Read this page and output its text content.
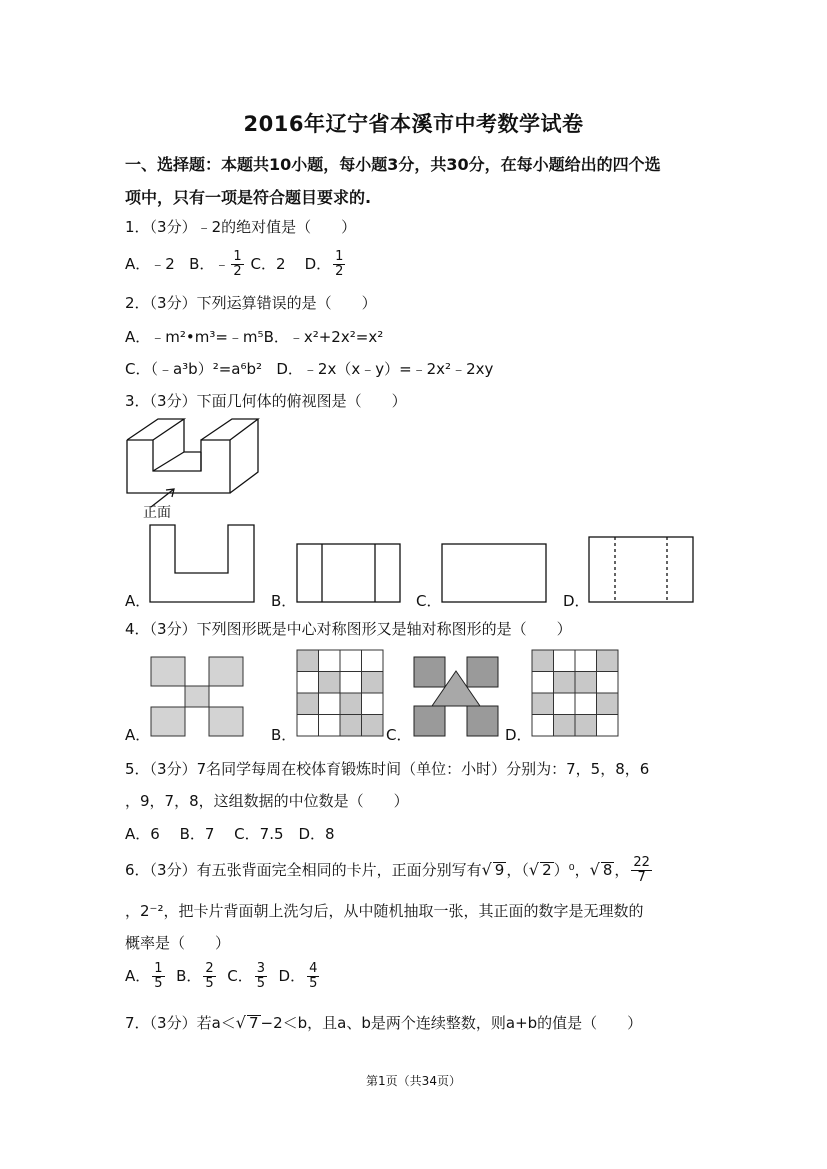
2016年辽宁省本溪市中考数学试卷
一、选择题：本题共10小题，每小题3分，共30分，在每小题给出的四个选
项中，只有一项是符合题目要求的.
1．（3分）﹣2的绝对值是（　　）
A．﹣2 B．﹣ $\frac{1}{2}$ C．2 D． $\frac{1}{2}$
2．（3分）下列运算错误的是（　　）
A．﹣m²•m³=﹣m⁵B．﹣x²+2x²=x²
C．（﹣a³b）²=a⁶b² D．﹣2x（x﹣y）=﹣2x²﹣2xy
3．（3分）下面几何体的俯视图是（　　）
正面
A．	B．	C．	D．
4．（3分）下列图形既是中心对称图形又是轴对称图形的是（　　）
A．	B．	C．	D．
5．（3分）7名同学每周在校体育锻炼时间（单位：小时）分别为：7，5，8，6
，9，7，8，这组数据的中位数是（　　）
A．6　 B．7　 C．7.5　D．8
6．（3分）有五张背面完全相同的卡片，正面分别写有√ 9 ，（√ 2 ）⁰，√ 8 ， $\frac{22}{7}$
，2⁻²，把卡片背面朝上洗匀后，从中随机抽取一张，其正面的数字是无理数的
概率是（　　）
A． $\frac{1}{5}$ B． $\frac{2}{5}$ C． $\frac{3}{5}$ D． $\frac{4}{5}$
7．（3分）若a＜√ 7 −2＜b，且a、b是两个连续整数，则a+b的值是（　　）
第1页（共34页）
